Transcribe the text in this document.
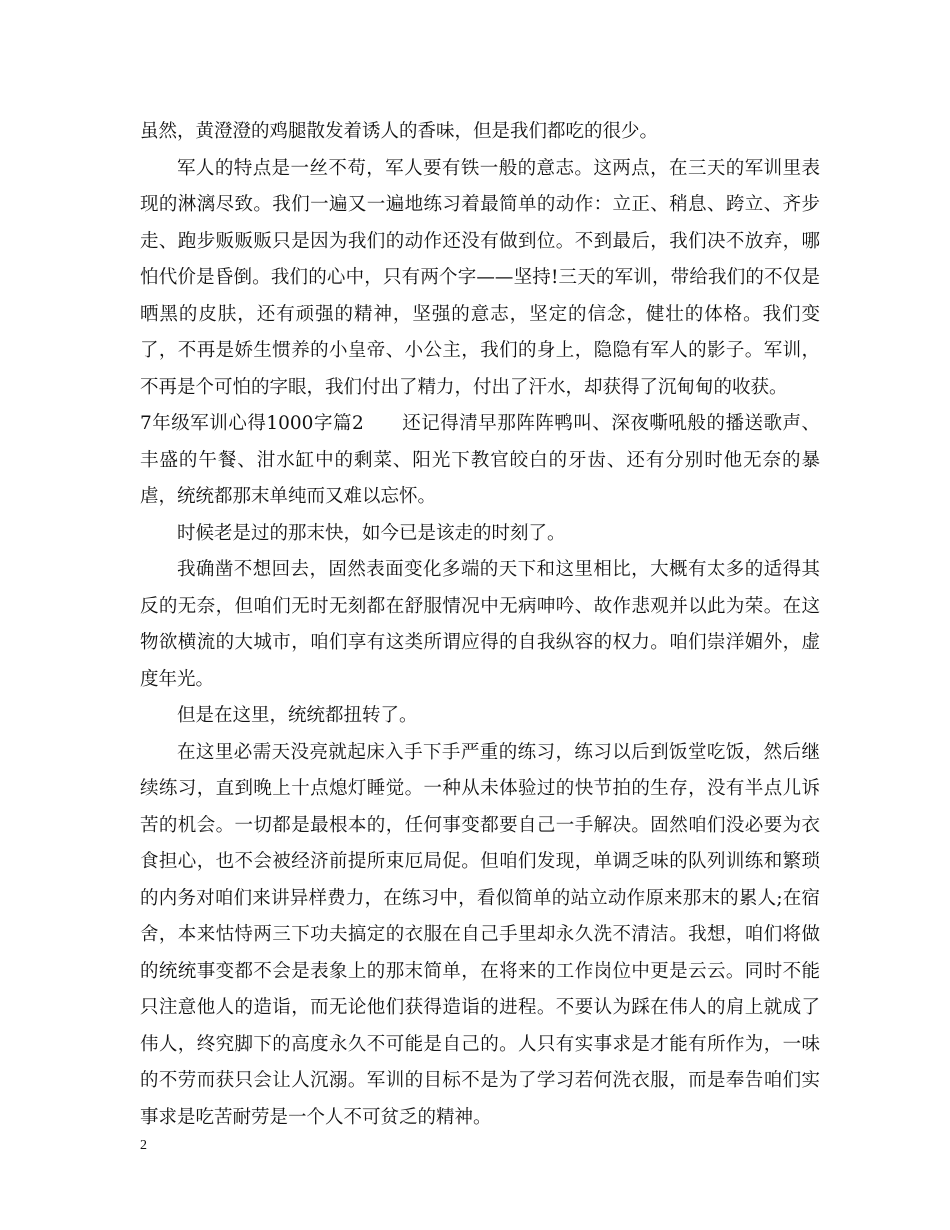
虽然，黄澄澄的鸡腿散发着诱人的香味，但是我们都吃的很少。

军人的特点是一丝不苟，军人要有铁一般的意志。这两点，在三天的军训里表现的淋漓尽致。我们一遍又一遍地练习着最简单的动作：立正、稍息、跨立、齐步走、跑步贩贩贩只是因为我们的动作还没有做到位。不到最后，我们决不放弃，哪怕代价是昏倒。我们的心中，只有两个字——坚持!三天的军训，带给我们的不仅是晒黑的皮肤，还有顽强的精神，坚强的意志，坚定的信念，健壮的体格。我们变了，不再是娇生惯养的小皇帝、小公主，我们的身上，隐隐有军人的影子。军训，不再是个可怕的字眼，我们付出了精力，付出了汗水，却获得了沉甸甸的收获。

7年级军训心得1000字篇2 还记得清早那阵阵鸭叫、深夜嘶吼般的播送歌声、丰盛的午餐、泔水缸中的剩菜、阳光下教官皎白的牙齿、还有分别时他无奈的暴虐，统统都那末单纯而又难以忘怀。

时候老是过的那末快，如今已是该走的时刻了。

我确凿不想回去，固然表面变化多端的天下和这里相比，大概有太多的适得其反的无奈，但咱们无时无刻都在舒服情况中无病呻吟、故作悲观并以此为荣。在这物欲横流的大城市，咱们享有这类所谓应得的自我纵容的权力。咱们崇洋媚外，虚度年光。

但是在这里，统统都扭转了。

在这里必需天没亮就起床入手下手严重的练习，练习以后到饭堂吃饭，然后继续练习，直到晚上十点熄灯睡觉。一种从未体验过的快节拍的生存，没有半点儿诉苦的机会。一切都是最根本的，任何事变都要自己一手解决。固然咱们没必要为衣食担心，也不会被经济前提所束厄局促。但咱们发现，单调乏味的队列训练和繁琐的内务对咱们来讲异样费力，在练习中，看似简单的站立动作原来那末的累人;在宿舍，本来怙恃两三下功夫搞定的衣服在自己手里却永久洗不清洁。我想，咱们将做的统统事变都不会是表象上的那末简单，在将来的工作岗位中更是云云。同时不能只注意他人的造诣，而无论他们获得造诣的进程。不要认为踩在伟人的肩上就成了伟人，终究脚下的高度永久不可能是自己的。人只有实事求是才能有所作为，一味的不劳而获只会让人沉溺。军训的目标不是为了学习若何洗衣服，而是奉告咱们实事求是吃苦耐劳是一个人不可贫乏的精神。

2
